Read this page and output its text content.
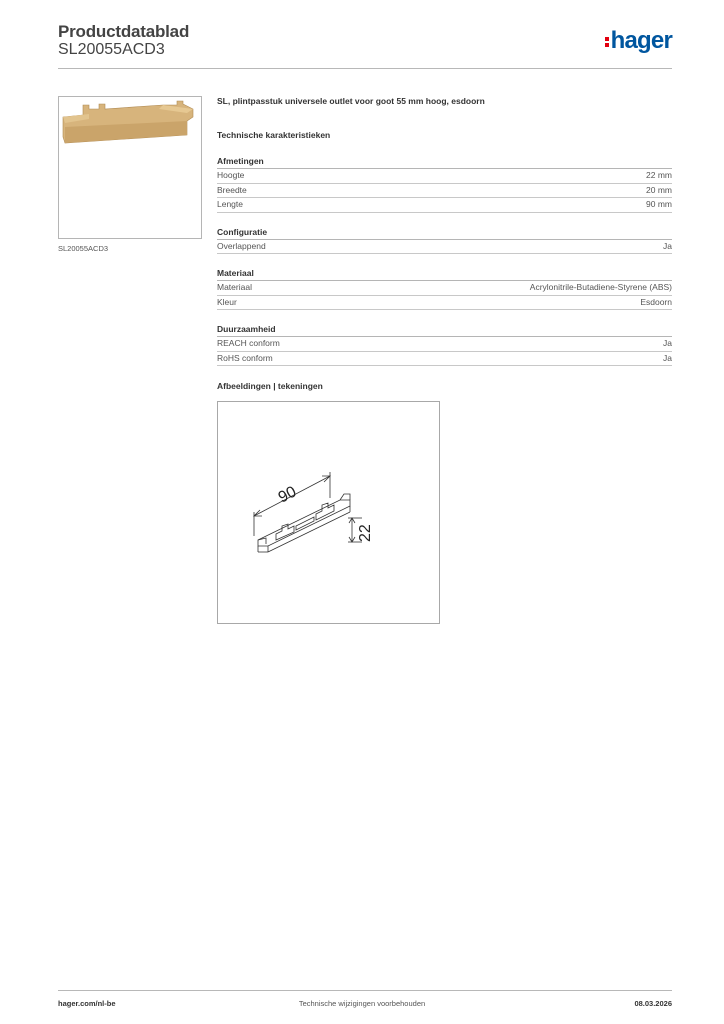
Productdatablad
SL20055ACD3	hager
SL20055ACD3
SL, plintpasstuk universele outlet voor goot 55 mm hoog, esdoorn
Technische karakteristieken
Afmetingen
Hoogte	22 mm
Breedte	20 mm
Lengte	90 mm
Configuratie
Overlappend	Ja
Materiaal
Materiaal	Acrylonitrile-Butadiene-Styrene (ABS)
Kleur	Esdoorn
Duurzaamheid
REACH conform	Ja
RoHS conform	Ja
Afbeeldingen | tekeningen
90
22
hager.com/nl-be	Technische wijzigingen voorbehouden	08.03.2026
